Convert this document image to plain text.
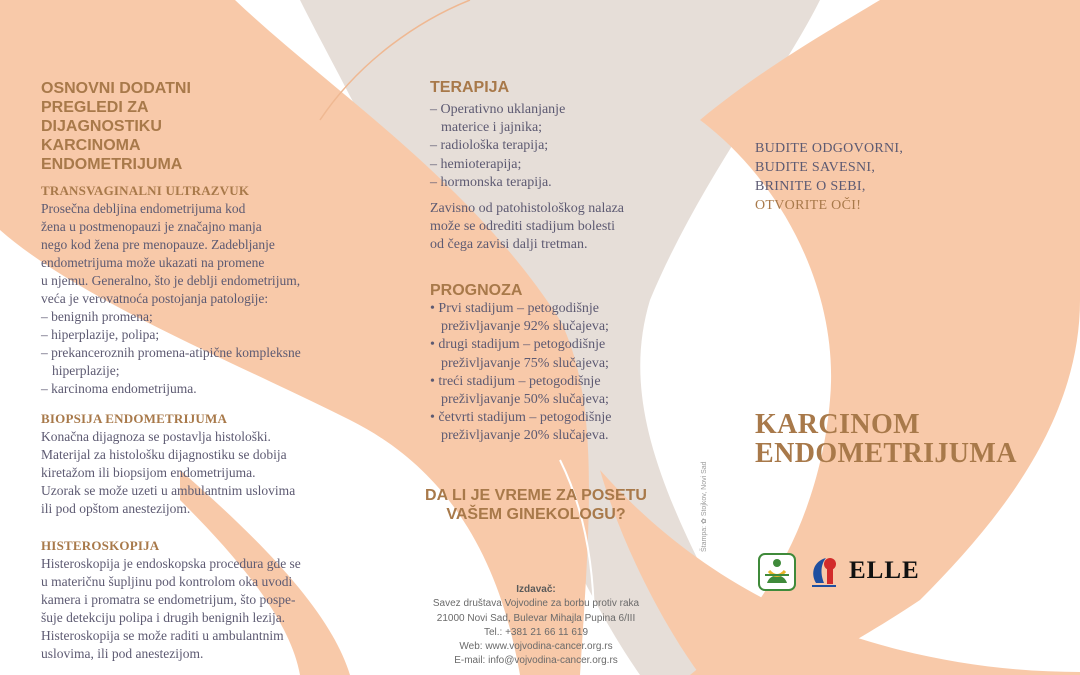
OSNOVNI DODATNI
PREGLEDI ZA
DIJAGNOSTIKU
KARCINOMA
ENDOMETRIJUMA
TRANSVAGINALNI ULTRAZVUK
Prosečna debljina endometrijuma kod
žena u postmenopauzi je značajno manja
nego kod žena pre menopauze. Zadebljanje
endometrijuma može ukazati na promene
u njemu. Generalno, što je deblji endometrijum,
veća je verovatnoća postojanja patologije:
– benignih promena;
– hiperplazije, polipa;
– prekanceroznih promena-atipične kompleksne
hiperplazije;
– karcinoma endometrijuma.
BIOPSIJA ENDOMETRIJUMA
Konačna dijagnoza se postavlja histološki.
Materijal za histološku dijagnostiku se dobija
kiretažom ili biopsijom endometrijuma.
Uzorak se može uzeti u ambulantnim uslovima
ili pod opštom anestezijom.
HISTEROSKOPIJA
Histeroskopija je endoskopska procedura gde se
u materičnu šupljinu pod kontrolom oka uvodi
kamera i promatra se endometrijum, što pospe-
šuje detekciju polipa i drugih benignih lezija.
Histeroskopija se može raditi u ambulantnim
uslovima, ili pod anestezijom.
TERAPIJA
– Operativno uklanjanje
materice i jajnika;
– radiološka terapija;
– hemioterapija;
– hormonska terapija.
Zavisno od patohistološkog nalaza
može se odrediti stadijum bolesti
od čega zavisi dalji tretman.
PROGNOZA
• Prvi stadijum – petogodišnje
preživljavanje 92% slučajeva;
• drugi stadijum – petogodišnje
preživljavanje 75% slučajeva;
• treći stadijum – petogodišnje
preživljavanje 50% slučajeva;
• četvrti stadijum – petogodišnje
preživljavanje 20% slučajeva.
DA LI JE VREME ZA POSETU
VAŠEM GINEKOLOGU?
Izdavač:
Savez društava Vojvodine za borbu protiv raka
21000 Novi Sad, Bulevar Mihajla Pupina 6/III
Tel.: +381 21 66 11 619
Web: www.vojvodina-cancer.org.rs
E-mail: info@vojvodina-cancer.org.rs
Štampa: ✿ Stojkov, Novi Sad
BUDITE ODGOVORNI,
BUDITE SAVESNI,
BRINITE O SEBI,
OTVORITE OČI!
KARCINOM
ENDOMETRIJUMA
ELLE
